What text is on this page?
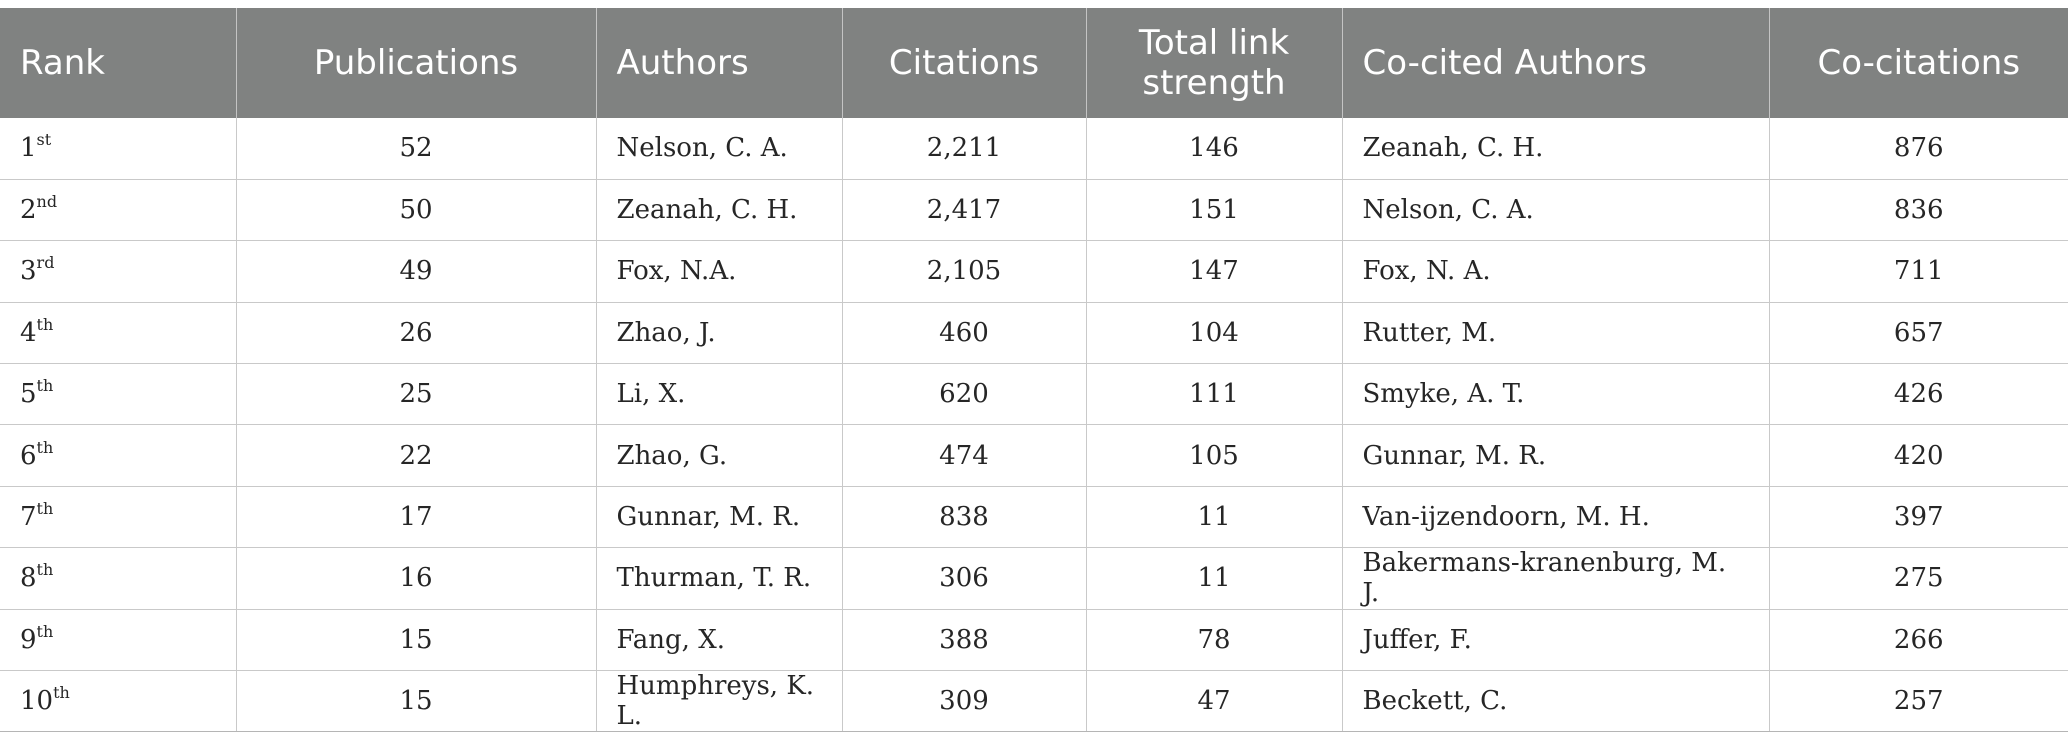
Rank	Publications	Authors	Citations	Total link strength	Co-cited Authors	Co-citations
1st	52	Nelson, C. A.	2,211	146	Zeanah, C. H.	876
2nd	50	Zeanah, C. H.	2,417	151	Nelson, C. A.	836
3rd	49	Fox, N.A.	2,105	147	Fox, N. A.	711
4th	26	Zhao, J.	460	104	Rutter, M.	657
5th	25	Li, X.	620	111	Smyke, A. T.	426
6th	22	Zhao, G.	474	105	Gunnar, M. R.	420
7th	17	Gunnar, M. R.	838	11	Van-ijzendoorn, M. H.	397
8th	16	Thurman, T. R.	306	11	Bakermans-kranenburg, M. J.	275
9th	15	Fang, X.	388	78	Juffer, F.	266
10th	15	Humphreys, K. L.	309	47	Beckett, C.	257
